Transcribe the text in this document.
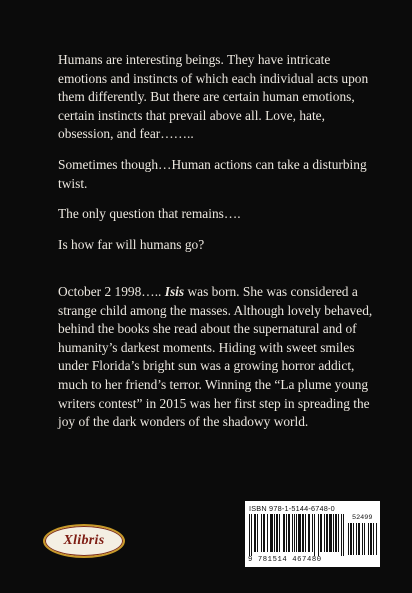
Humans are interesting beings. They have intricate emotions and instincts of which each individual acts upon them differently. But there are certain human emotions, certain instincts that prevail above all. Love, hate, obsession, and fear……..

Sometimes though…Human actions can take a disturbing twist.

The only question that remains….

Is how far will humans go?

October 2 1998….. Isis was born. She was considered a strange child among the masses. Although lovely behaved, behind the books she read about the supernatural and of humanity’s darkest moments. Hiding with sweet smiles under Florida’s bright sun was a growing horror addict, much to her friend’s terror. Winning the “La plume young writers contest” in 2015 was her first step in spreading the joy of the dark wonders of the shadowy world.

Xlibris
ISBN 978-1-5144-6748-0
52499
9 781514 467480
